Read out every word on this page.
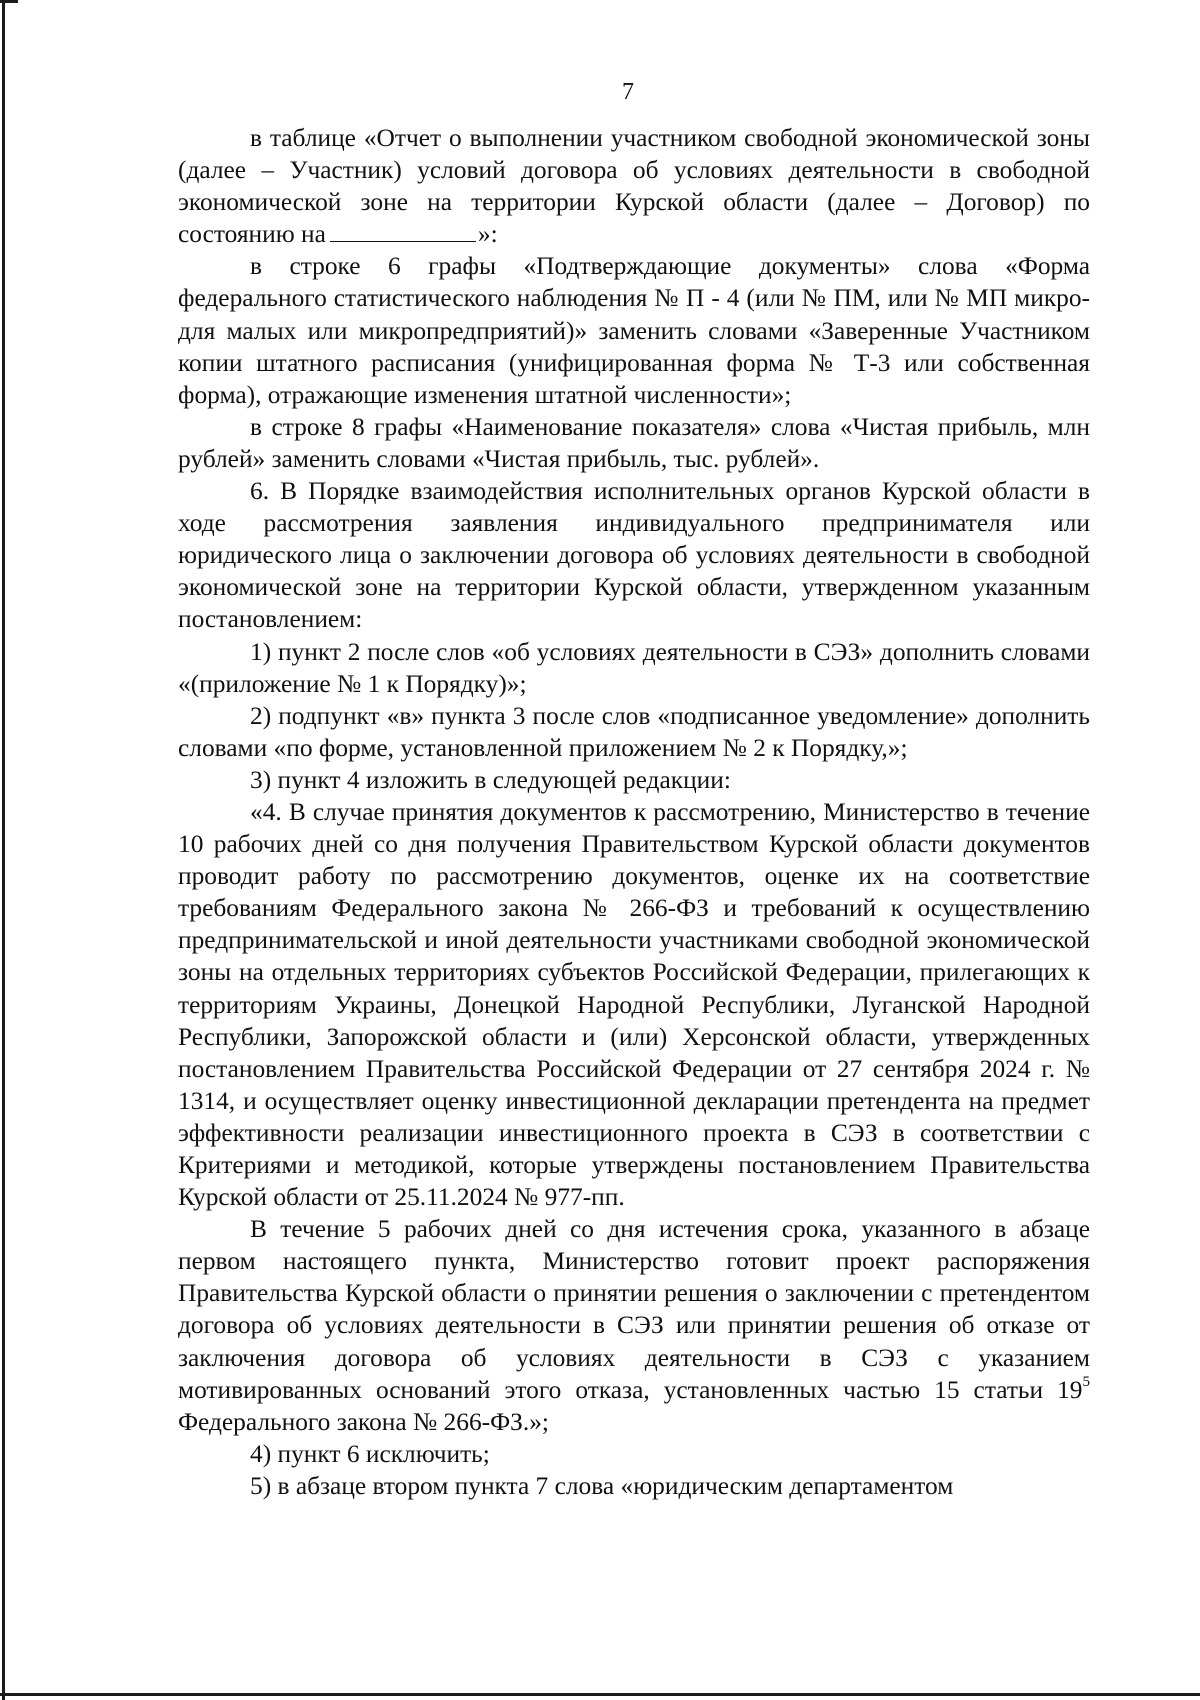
7

в таблице «Отчет о выполнении участником свободной экономической зоны (далее – Участник) условий договора об условиях деятельности в свободной экономической зоне на территории Курской области (далее – Договор) по состоянию на	»:

в строке 6 графы «Подтверждающие документы» слова «Форма федерального статистического наблюдения № П - 4 (или № ПМ, или № МП микро- для малых или микропредприятий)» заменить словами «Заверенные Участником копии штатного расписания (унифицированная форма № Т-3 или собственная форма), отражающие изменения штатной численности»;

в строке 8 графы «Наименование показателя» слова «Чистая прибыль, млн рублей» заменить словами «Чистая прибыль, тыс. рублей».

6. В Порядке взаимодействия исполнительных органов Курской области в ходе рассмотрения заявления индивидуального предпринимателя или юридического лица о заключении договора об условиях деятельности в свободной экономической зоне на территории Курской области, утвержденном указанным постановлением:

1) пункт 2 после слов «об условиях деятельности в СЭЗ» дополнить словами «(приложение № 1 к Порядку)»;

2) подпункт «в» пункта 3 после слов «подписанное уведомление» дополнить словами «по форме, установленной приложением № 2 к Порядку,»;

3) пункт 4 изложить в следующей редакции:

«4. В случае принятия документов к рассмотрению, Министерство в течение 10 рабочих дней со дня получения Правительством Курской области документов проводит работу по рассмотрению документов, оценке их на соответствие требованиям Федерального закона № 266-ФЗ и требований к осуществлению предпринимательской и иной деятельности участниками свободной экономической зоны на отдельных территориях субъектов Российской Федерации, прилегающих к территориям Украины, Донецкой Народной Республики, Луганской Народной Республики, Запорожской области и (или) Херсонской области, утвержденных постановлением Правительства Российской Федерации от 27 сентября 2024 г. № 1314, и осуществляет оценку инвестиционной декларации претендента на предмет эффективности реализации инвестиционного проекта в СЭЗ в соответствии с Критериями и методикой, которые утверждены постановлением Правительства Курской области от 25.11.2024 № 977-пп.

В течение 5 рабочих дней со дня истечения срока, указанного в абзаце первом настоящего пункта, Министерство готовит проект распоряжения Правительства Курской области о принятии решения о заключении с претендентом договора об условиях деятельности в СЭЗ или принятии решения об отказе от заключения договора об условиях деятельности в СЭЗ с указанием мотивированных оснований этого отказа, установленных частью 15 статьи $19^5$ Федерального закона № 266-ФЗ.»;

4) пункт 6 исключить;

5) в абзаце втором пункта 7 слова «юридическим департаментом
